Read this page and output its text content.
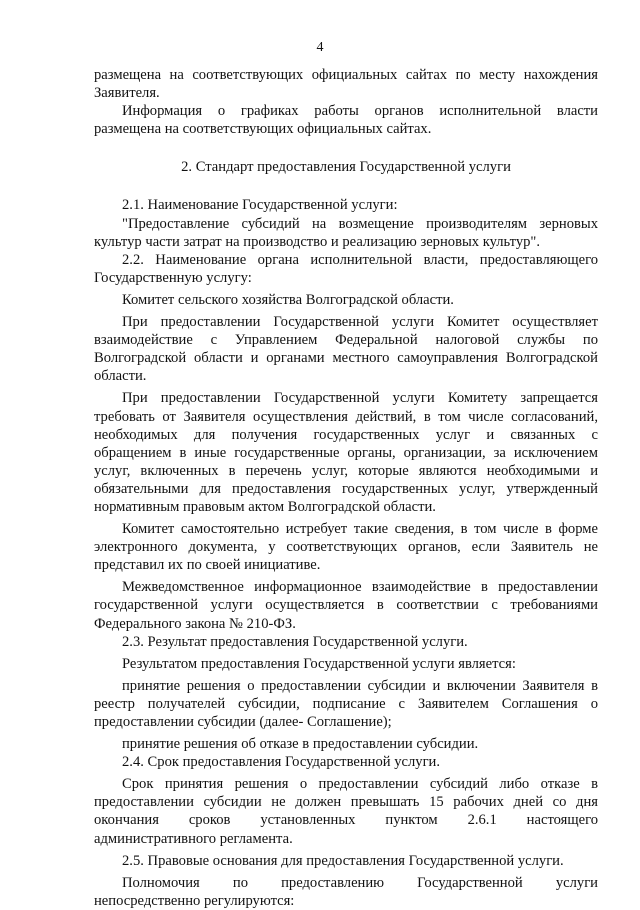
4

размещена на соответствующих официальных сайтах по месту нахождения
Заявителя.

Информация о графиках работы органов исполнительной власти
размещена на соответствующих официальных сайтах.

2. Стандарт предоставления Государственной услуги

2.1. Наименование Государственной услуги:

"Предоставление субсидий на возмещение производителям зерновых
культур части затрат на производство и реализацию зерновых культур".

2.2. Наименование органа исполнительной власти, предоставляющего
Государственную услугу:

Комитет сельского хозяйства Волгоградской области.

При предоставлении Государственной услуги Комитет осуществляет
взаимодействие с Управлением Федеральной налоговой службы по
Волгоградской области и органами местного самоуправления Волгоградской
области.

При предоставлении Государственной услуги Комитету запрещается
требовать от Заявителя осуществления действий, в том числе согласований,
необходимых для получения государственных услуг и связанных с
обращением в иные государственные органы, организации, за исключением
услуг, включенных в перечень услуг, которые являются необходимыми и
обязательными для предоставления государственных услуг, утвержденный
нормативным правовым актом Волгоградской области.

Комитет самостоятельно истребует такие сведения, в том числе в форме
электронного документа, у соответствующих органов, если Заявитель не
представил их по своей инициативе.

Межведомственное информационное взаимодействие в предоставлении
государственной услуги осуществляется в соответствии с требованиями
Федерального закона № 210-ФЗ.

2.3. Результат предоставления Государственной услуги.

Результатом предоставления Государственной услуги является:

принятие решения о предоставлении субсидии и включении Заявителя в
реестр получателей субсидии, подписание с Заявителем Соглашения о
предоставлении субсидии (далее- Соглашение);

принятие решения об отказе в предоставлении субсидии.

2.4. Срок предоставления Государственной услуги.

Срок принятия решения о предоставлении субсидий либо отказе в
предоставлении субсидии не должен превышать 15 рабочих дней со дня
окончания сроков установленных пунктом 2.6.1 настоящего
административного регламента.

2.5. Правовые основания для предоставления Государственной услуги.

Полномочия по предоставлению Государственной услуги
непосредственно регулируются:
